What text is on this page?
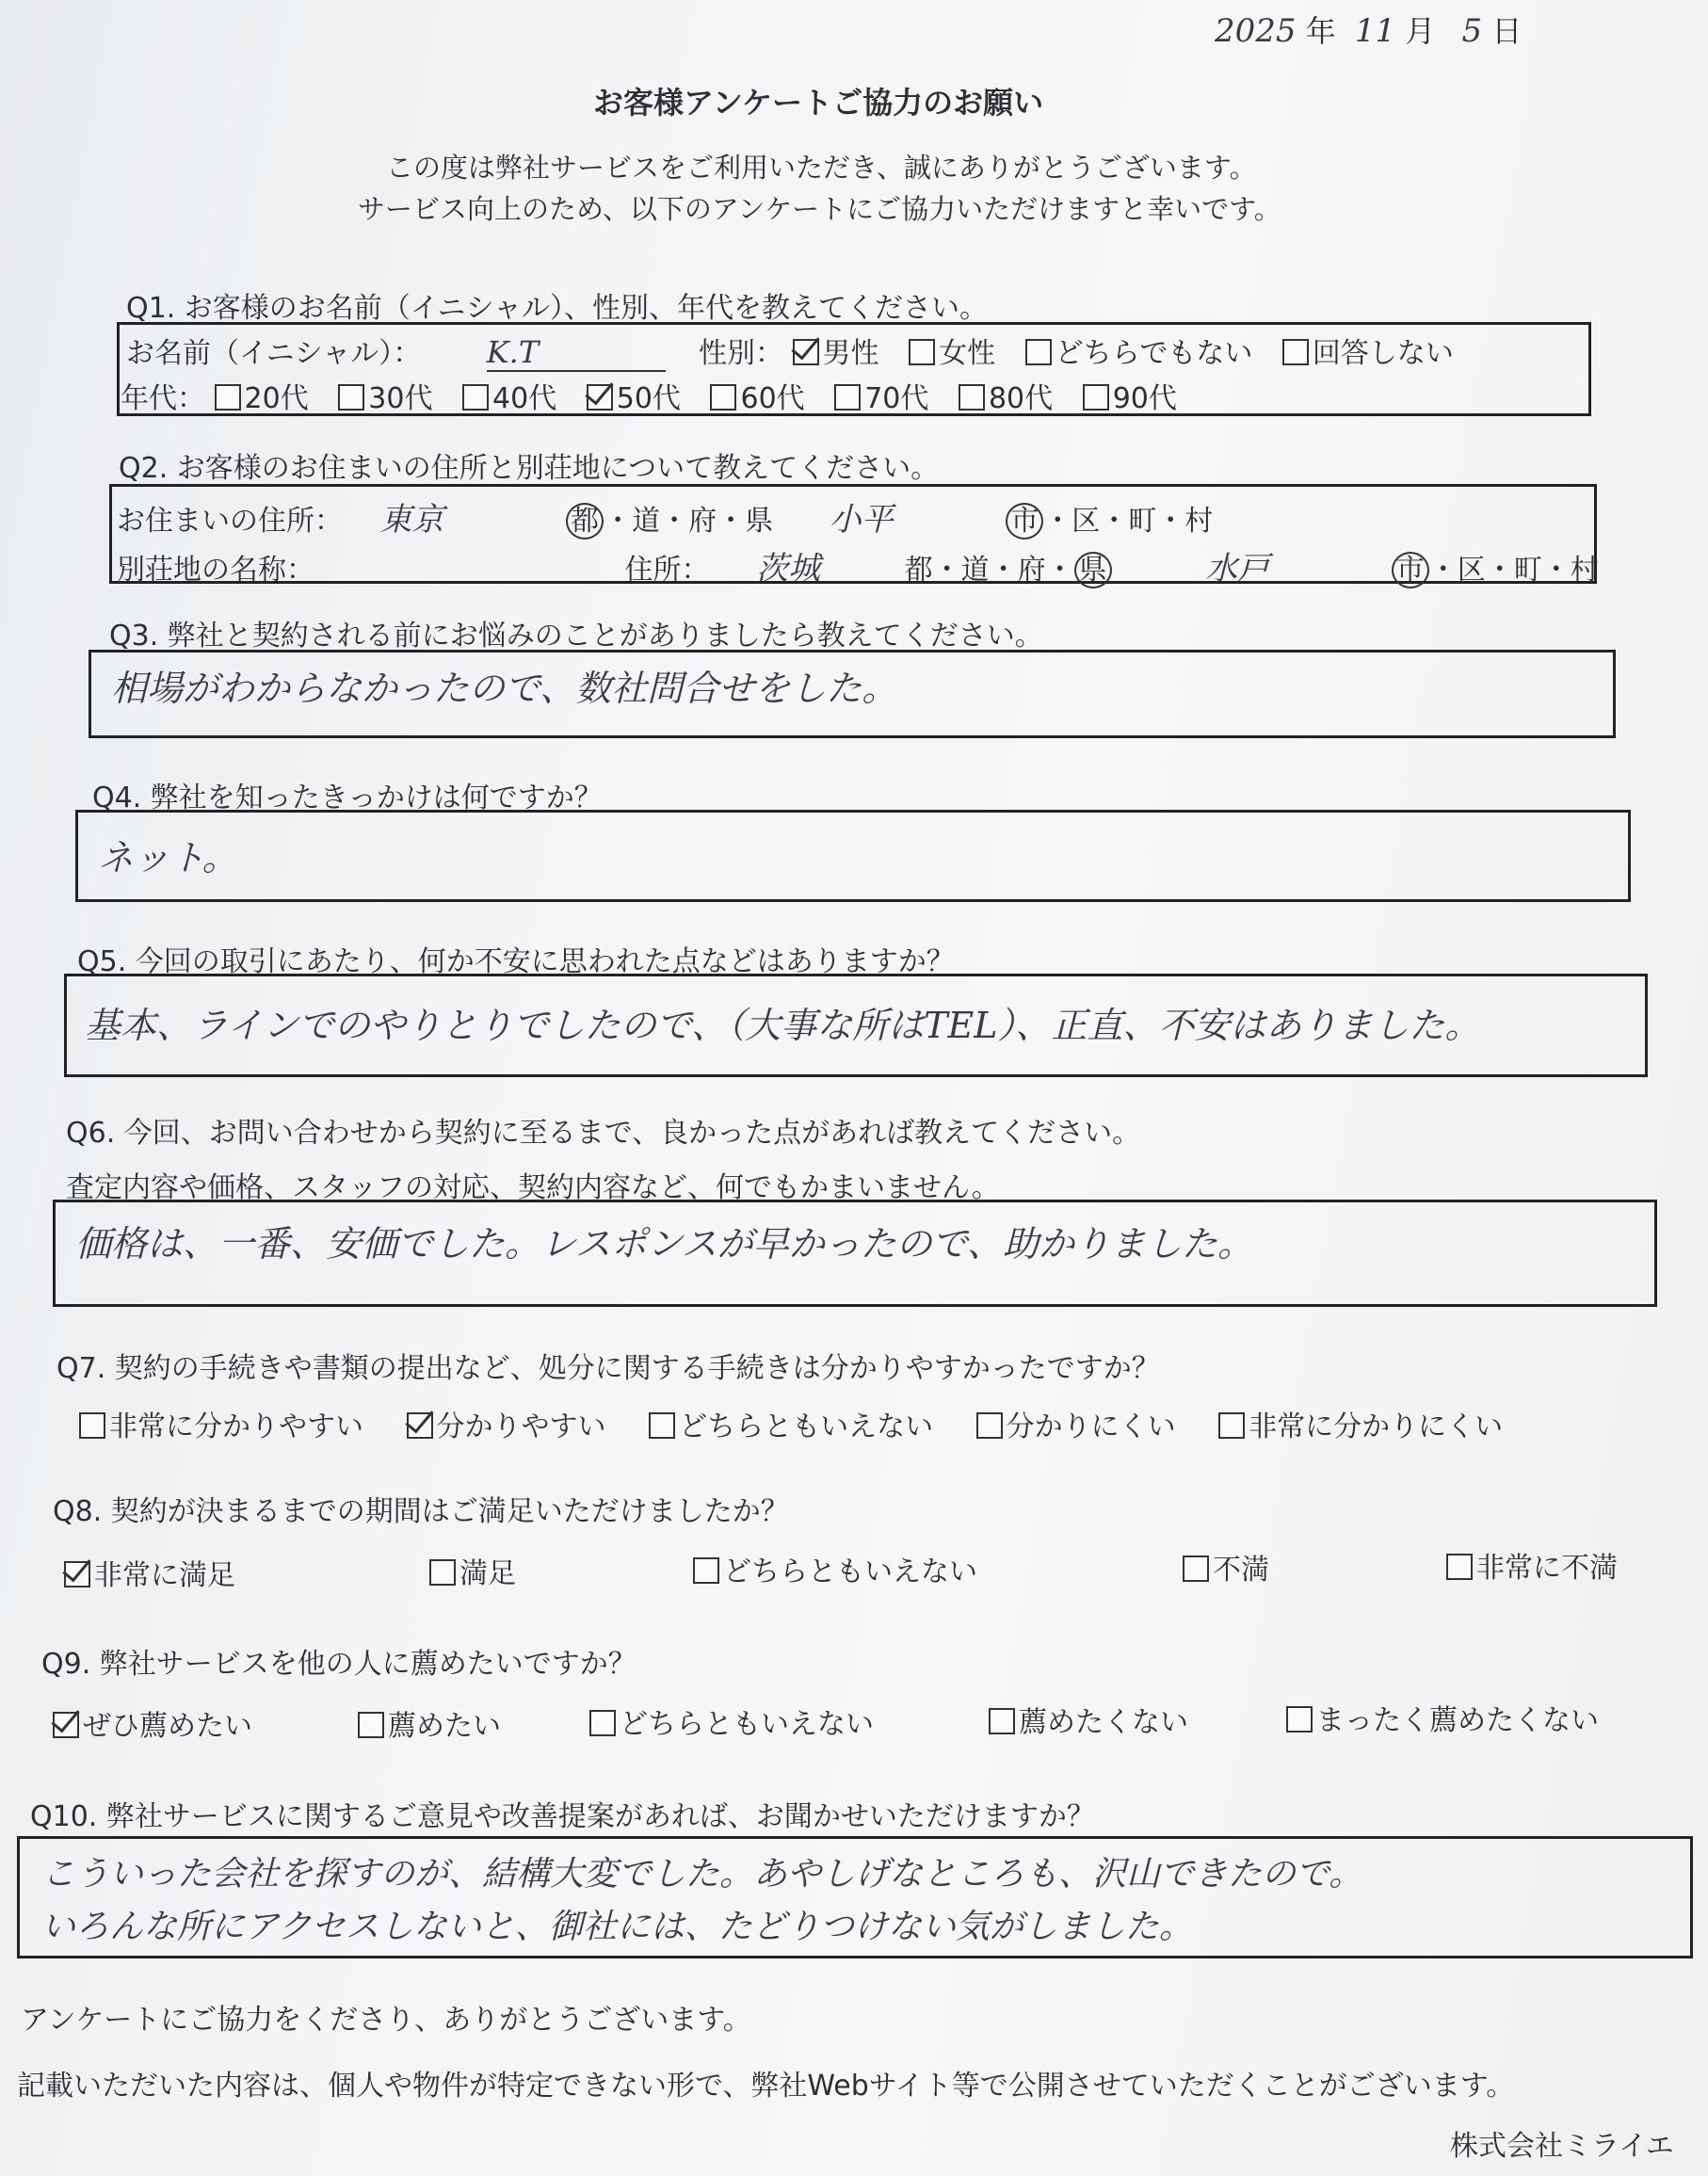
2025 年 11 月 5 日
お客様アンケートご協力のお願い
この度は弊社サービスをご利用いただき、誠にありがとうございます。
サービス向上のため、以下のアンケートにご協力いただけますと幸いです。
Q1. お客様のお名前（イニシャル）、性別、年代を教えてください。
お名前（イニシャル）： K.T	性別： 男性 女性 どちらでもない 回答しない
年代： 20代 30代 40代 50代 60代 70代 80代 90代
Q2. お客様のお住まいの住所と別荘地について教えてください。
お住まいの住所： 東京	都 ・道・府・県 小平	市 ・区・町・村
別荘地の名称：	住所： 茨城	都・道・府・ 県	水戸	市 ・区・町・村
Q3. 弊社と契約される前にお悩みのことがありましたら教えてください。
相場がわからなかったので、数社問合せをした。
Q4. 弊社を知ったきっかけは何ですか？
ネット。
Q5. 今回の取引にあたり、何か不安に思われた点などはありますか？
基本、ラインでのやりとりでしたので、（大事な所はTEL）、正直、不安はありました。
Q6. 今回、お問い合わせから契約に至るまで、良かった点があれば教えてください。
査定内容や価格、スタッフの対応、契約内容など、何でもかまいません。
価格は、一番、安価でした。レスポンスが早かったので、助かりました。
Q7. 契約の手続きや書類の提出など、処分に関する手続きは分かりやすかったですか？
非常に分かりやすい	分かりやすい	どちらともいえない	分かりにくい	非常に分かりにくい
Q8. 契約が決まるまでの期間はご満足いただけましたか？
非常に満足	満足	どちらともいえない	不満	非常に不満
Q9. 弊社サービスを他の人に薦めたいですか？
ぜひ薦めたい	薦めたい	どちらともいえない	薦めたくない	まったく薦めたくない
Q10. 弊社サービスに関するご意見や改善提案があれば、お聞かせいただけますか？
こういった会社を探すのが、結構大変でした。あやしげなところも、沢山できたので。
いろんな所にアクセスしないと、御社には、たどりつけない気がしました。
アンケートにご協力をくださり、ありがとうございます。
記載いただいた内容は、個人や物件が特定できない形で、弊社Webサイト等で公開させていただくことがございます。
株式会社ミライエ
